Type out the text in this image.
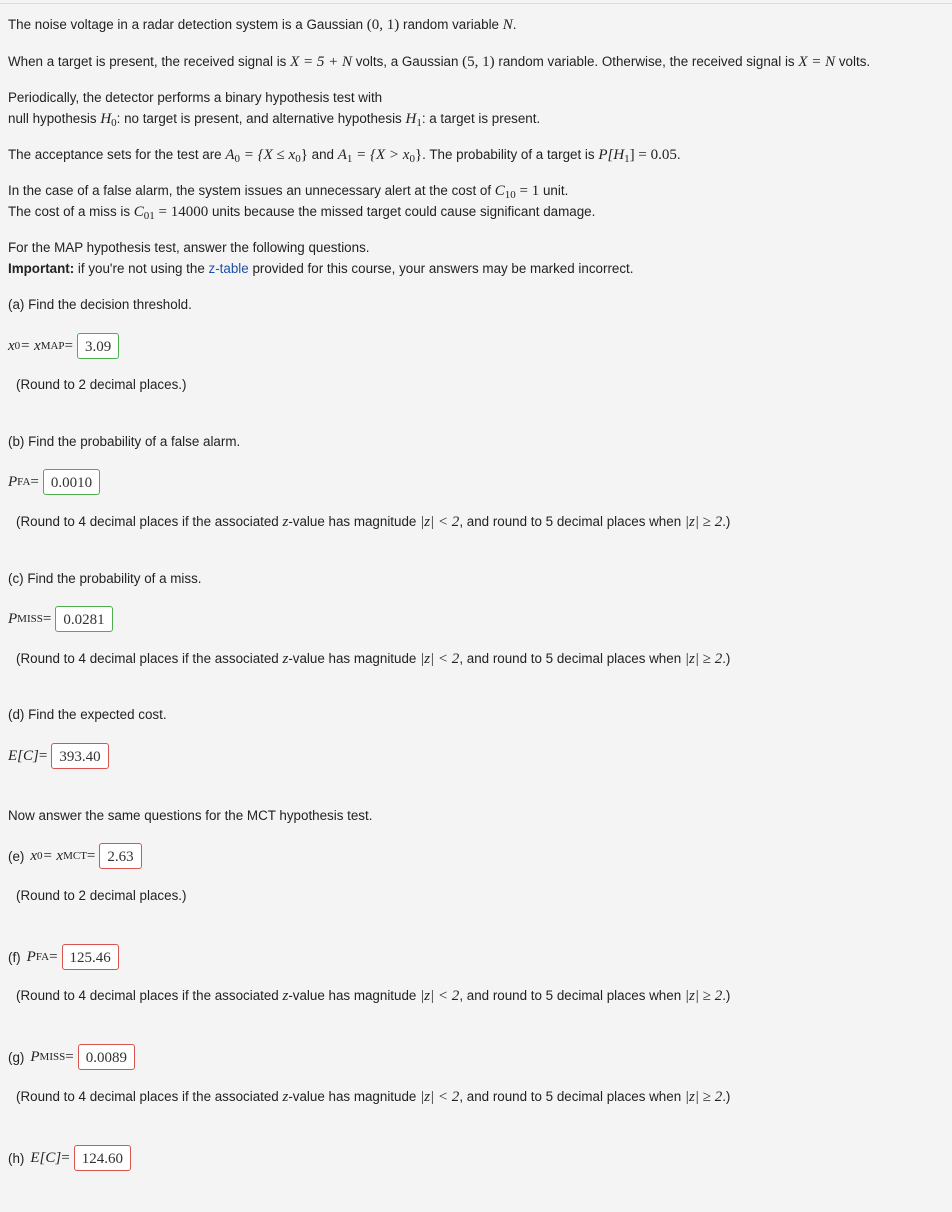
The noise voltage in a radar detection system is a Gaussian (0, 1) random variable N.
When a target is present, the received signal is X = 5 + N volts, a Gaussian (5, 1) random variable. Otherwise, the received signal is X = N volts.
Periodically, the detector performs a binary hypothesis test with
null hypothesis $H_0$: no target is present, and alternative hypothesis $H_1$: a target is present.
The acceptance sets for the test are $A_0 = \{X \le x_0\}$ and $A_1 = \{X > x_0\}$. The probability of a target is $P[H_1] = 0.05$.
In the case of a false alarm, the system issues an unnecessary alert at the cost of $C_{10} = 1$ unit.
The cost of a miss is $C_{01} = 14000$ units because the missed target could cause significant damage.
For the MAP hypothesis test, answer the following questions.
Important: if you're not using the z-table provided for this course, your answers may be marked incorrect.
(a) Find the decision threshold.
x 0 = x MAP = 3.09
(Round to 2 decimal places.)
(b) Find the probability of a false alarm.
P FA = 0.0010
(Round to 4 decimal places if the associated z-value has magnitude |z| < 2, and round to 5 decimal places when |z| ≥ 2.)
(c) Find the probability of a miss.
P MISS = 0.0281
(Round to 4 decimal places if the associated z-value has magnitude |z| < 2, and round to 5 decimal places when |z| ≥ 2.)
(d) Find the expected cost.
E[C] = 393.40
Now answer the same questions for the MCT hypothesis test.
(e) x 0 = x MCT = 2.63
(Round to 2 decimal places.)
(f) P FA = 125.46
(Round to 4 decimal places if the associated z-value has magnitude |z| < 2, and round to 5 decimal places when |z| ≥ 2.)
(g) P MISS = 0.0089
(Round to 4 decimal places if the associated z-value has magnitude |z| < 2, and round to 5 decimal places when |z| ≥ 2.)
(h) E[C] = 124.60
